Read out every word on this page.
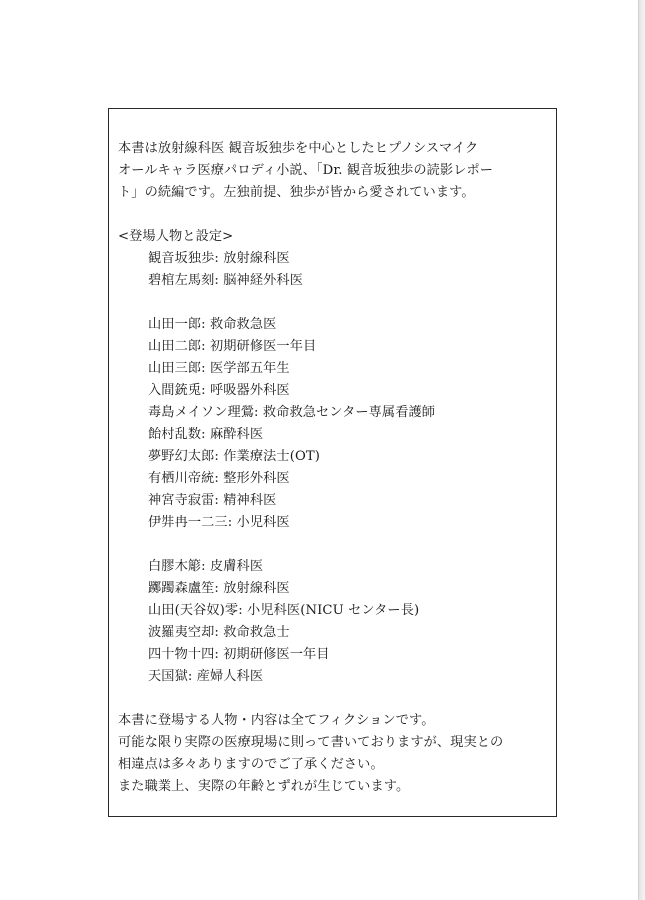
本書は放射線科医 観音坂独歩を中心としたヒプノシスマイク
オールキャラ医療パロディ小説、「Dr. 観音坂独歩の読影レポー
ト」の続編です。左独前提、独歩が皆から愛されています。
<登場人物と設定>
観音坂独歩: 放射線科医
碧棺左馬刻: 脳神経外科医
山田一郎: 救命救急医
山田二郎: 初期研修医一年目
山田三郎: 医学部五年生
入間銃兎: 呼吸器外科医
毒島メイソン理鶯: 救命救急センター専属看護師
飴村乱数: 麻酔科医
夢野幻太郎: 作業療法士(OT)
有栖川帝統: 整形外科医
神宮寺寂雷: 精神科医
伊弉冉一二三: 小児科医
白膠木簓: 皮膚科医
躑躅森盧笙: 放射線科医
山田(天谷奴)零: 小児科医(NICU センター長)
波羅夷空却: 救命救急士
四十物十四: 初期研修医一年目
天国獄: 産婦人科医
本書に登場する人物・内容は全てフィクションです。
可能な限り実際の医療現場に則って書いておりますが、現実との
相違点は多々ありますのでご了承ください。
また職業上、実際の年齢とずれが生じています。
